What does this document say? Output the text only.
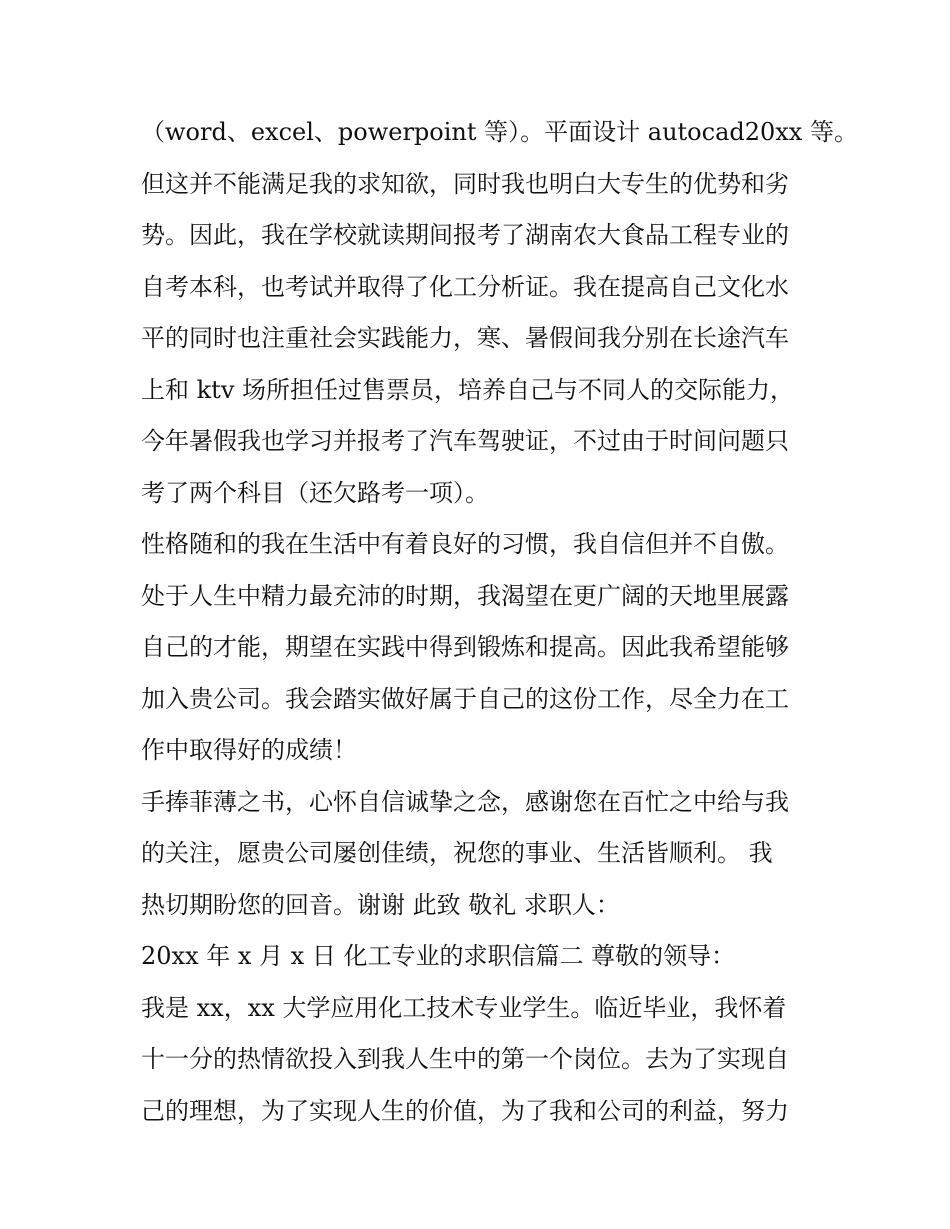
（word、excel、powerpoint 等）。平面设计 autocad20xx 等。
但这并不能满足我的求知欲，同时我也明白大专生的优势和劣
势。因此，我在学校就读期间报考了湖南农大食品工程专业的
自考本科，也考试并取得了化工分析证。我在提高自己文化水
平的同时也注重社会实践能力，寒、暑假间我分别在长途汽车
上和 ktv 场所担任过售票员，培养自己与不同人的交际能力，
今年暑假我也学习并报考了汽车驾驶证，不过由于时间问题只
考了两个科目（还欠路考一项）。
性格随和的我在生活中有着良好的习惯，我自信但并不自傲。
处于人生中精力最充沛的时期，我渴望在更广阔的天地里展露
自己的才能，期望在实践中得到锻炼和提高。因此我希望能够
加入贵公司。我会踏实做好属于自己的这份工作，尽全力在工
作中取得好的成绩！
手捧菲薄之书，心怀自信诚挚之念，感谢您在百忙之中给与我
的关注，愿贵公司屡创佳绩，祝您的事业、生活皆顺利。 我
热切期盼您的回音。谢谢 此致 敬礼 求职人：
20xx 年 x 月 x 日 化工专业的求职信篇二 尊敬的领导：
我是 xx，xx 大学应用化工技术专业学生。临近毕业，我怀着
十一分的热情欲投入到我人生中的第一个岗位。去为了实现自
己的理想，为了实现人生的价值，为了我和公司的利益，努力
